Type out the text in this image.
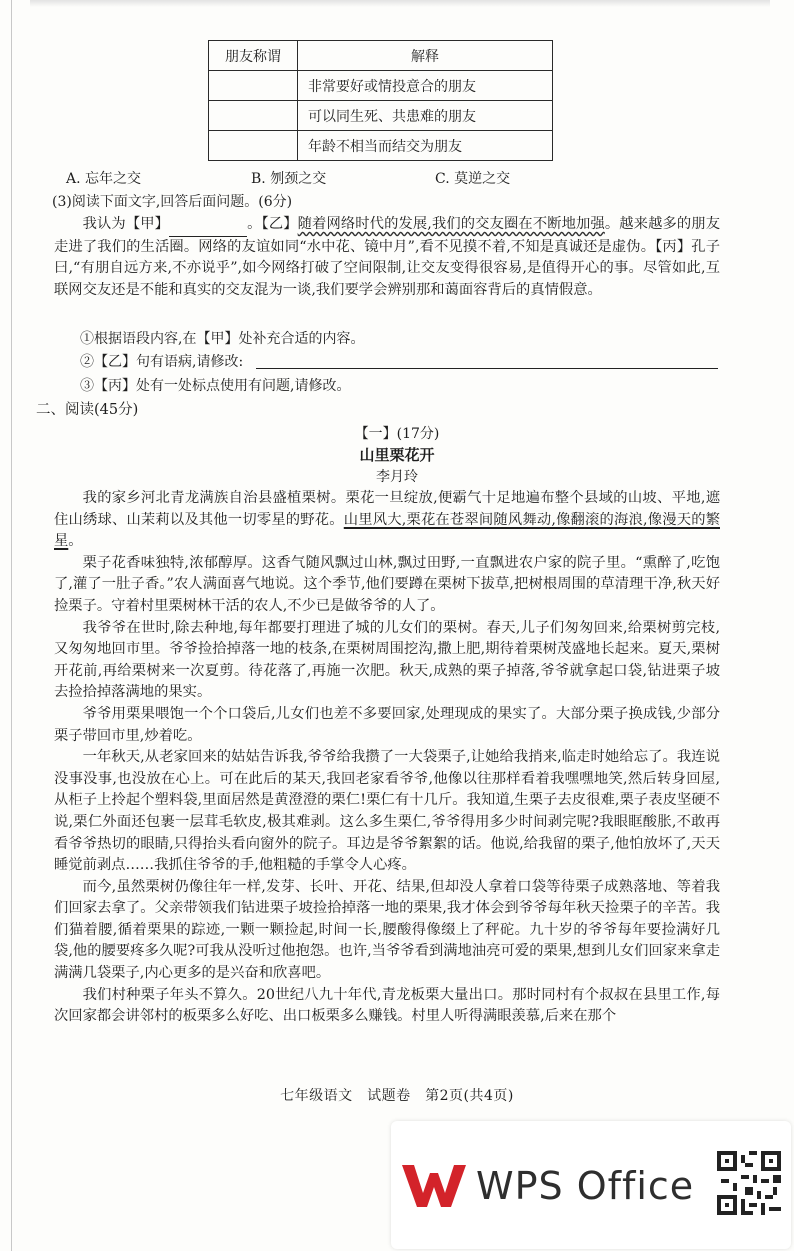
朋友称谓	解释
	非常要好或情投意合的朋友
	可以同生死、共患难的朋友
	年龄不相当而结交为朋友
A. 忘年之交	B. 刎颈之交	C. 莫逆之交
(3)阅读下面文字,回答后面问题。(6分)

我认为【甲】	。【乙】随着网络时代的发展,我们的交友圈在不断地加强。越来越多的朋友走进了我们的生活圈。网络的友谊如同“水中花、镜中月”,看不见摸不着,不知是真诚还是虚伪。【丙】孔子曰,“有朋自远方来,不亦说乎”,如今网络打破了空间限制,让交友变得很容易,是值得开心的事。尽管如此,互联网交友还是不能和真实的交友混为一谈,我们要学会辨别那和蔼面容背后的真情假意。

①根据语段内容,在【甲】处补充合适的内容。
②【乙】句有语病,请修改:
③【丙】处有一处标点使用有问题,请修改。
二、阅读(45分)
【一】(17分)
山里栗花开
李月玲

我的家乡河北青龙满族自治县盛植栗树。栗花一旦绽放,便霸气十足地遍布整个县域的山坡、平地,遮住山绣球、山茉莉以及其他一切零星的野花。山里风大,栗花在苍翠间随风舞动,像翻滚的海浪,像漫天的繁星。

栗子花香味独特,浓郁醇厚。这香气随风飘过山林,飘过田野,一直飘进农户家的院子里。“熏醉了,吃饱了,灌了一肚子香。”农人满面喜气地说。这个季节,他们要蹲在栗树下拔草,把树根周围的草清理干净,秋天好捡栗子。守着村里栗树林干活的农人,不少已是做爷爷的人了。

我爷爷在世时,除去种地,每年都要打理进了城的儿女们的栗树。春天,儿子们匆匆回来,给栗树剪完枝,又匆匆地回市里。爷爷捡拾掉落一地的枝条,在栗树周围挖沟,撒上肥,期待着栗树茂盛地长起来。夏天,栗树开花前,再给栗树来一次夏剪。待花落了,再施一次肥。秋天,成熟的栗子掉落,爷爷就拿起口袋,钻进栗子坡去捡拾掉落满地的果实。

爷爷用栗果喂饱一个个口袋后,儿女们也差不多要回家,处理现成的果实了。大部分栗子换成钱,少部分栗子带回市里,炒着吃。

一年秋天,从老家回来的姑姑告诉我,爷爷给我攒了一大袋栗子,让她给我捎来,临走时她给忘了。我连说没事没事,也没放在心上。可在此后的某天,我回老家看爷爷,他像以往那样看着我嘿嘿地笑,然后转身回屋,从柜子上拎起个塑料袋,里面居然是黄澄澄的栗仁!栗仁有十几斤。我知道,生栗子去皮很难,栗子表皮坚硬不说,栗仁外面还包裹一层茸毛软皮,极其难剥。这么多生栗仁,爷爷得用多少时间剥完呢?我眼眶酸胀,不敢再看爷爷热切的眼睛,只得抬头看向窗外的院子。耳边是爷爷絮絮的话。他说,给我留的栗子,他怕放坏了,天天睡觉前剥点……我抓住爷爷的手,他粗糙的手掌令人心疼。

而今,虽然栗树仍像往年一样,发芽、长叶、开花、结果,但却没人拿着口袋等待栗子成熟落地、等着我们回家去拿了。父亲带领我们钻进栗子坡捡拾掉落一地的栗果,我才体会到爷爷每年秋天捡栗子的辛苦。我们猫着腰,循着栗果的踪迹,一颗一颗捡起,时间一长,腰酸得像缀上了秤砣。九十岁的爷爷每年要捡满好几袋,他的腰要疼多久呢?可我从没听过他抱怨。也许,当爷爷看到满地油亮可爱的栗果,想到儿女们回家来拿走满满几袋栗子,内心更多的是兴奋和欣喜吧。

我们村种栗子年头不算久。20世纪八九十年代,青龙板栗大量出口。那时同村有个叔叔在县里工作,每次回家都会讲邻村的板栗多么好吃、出口板栗多么赚钱。村里人听得满眼羡慕,后来在那个

七年级语文　试题卷　第2页(共4页)
WPS Office
